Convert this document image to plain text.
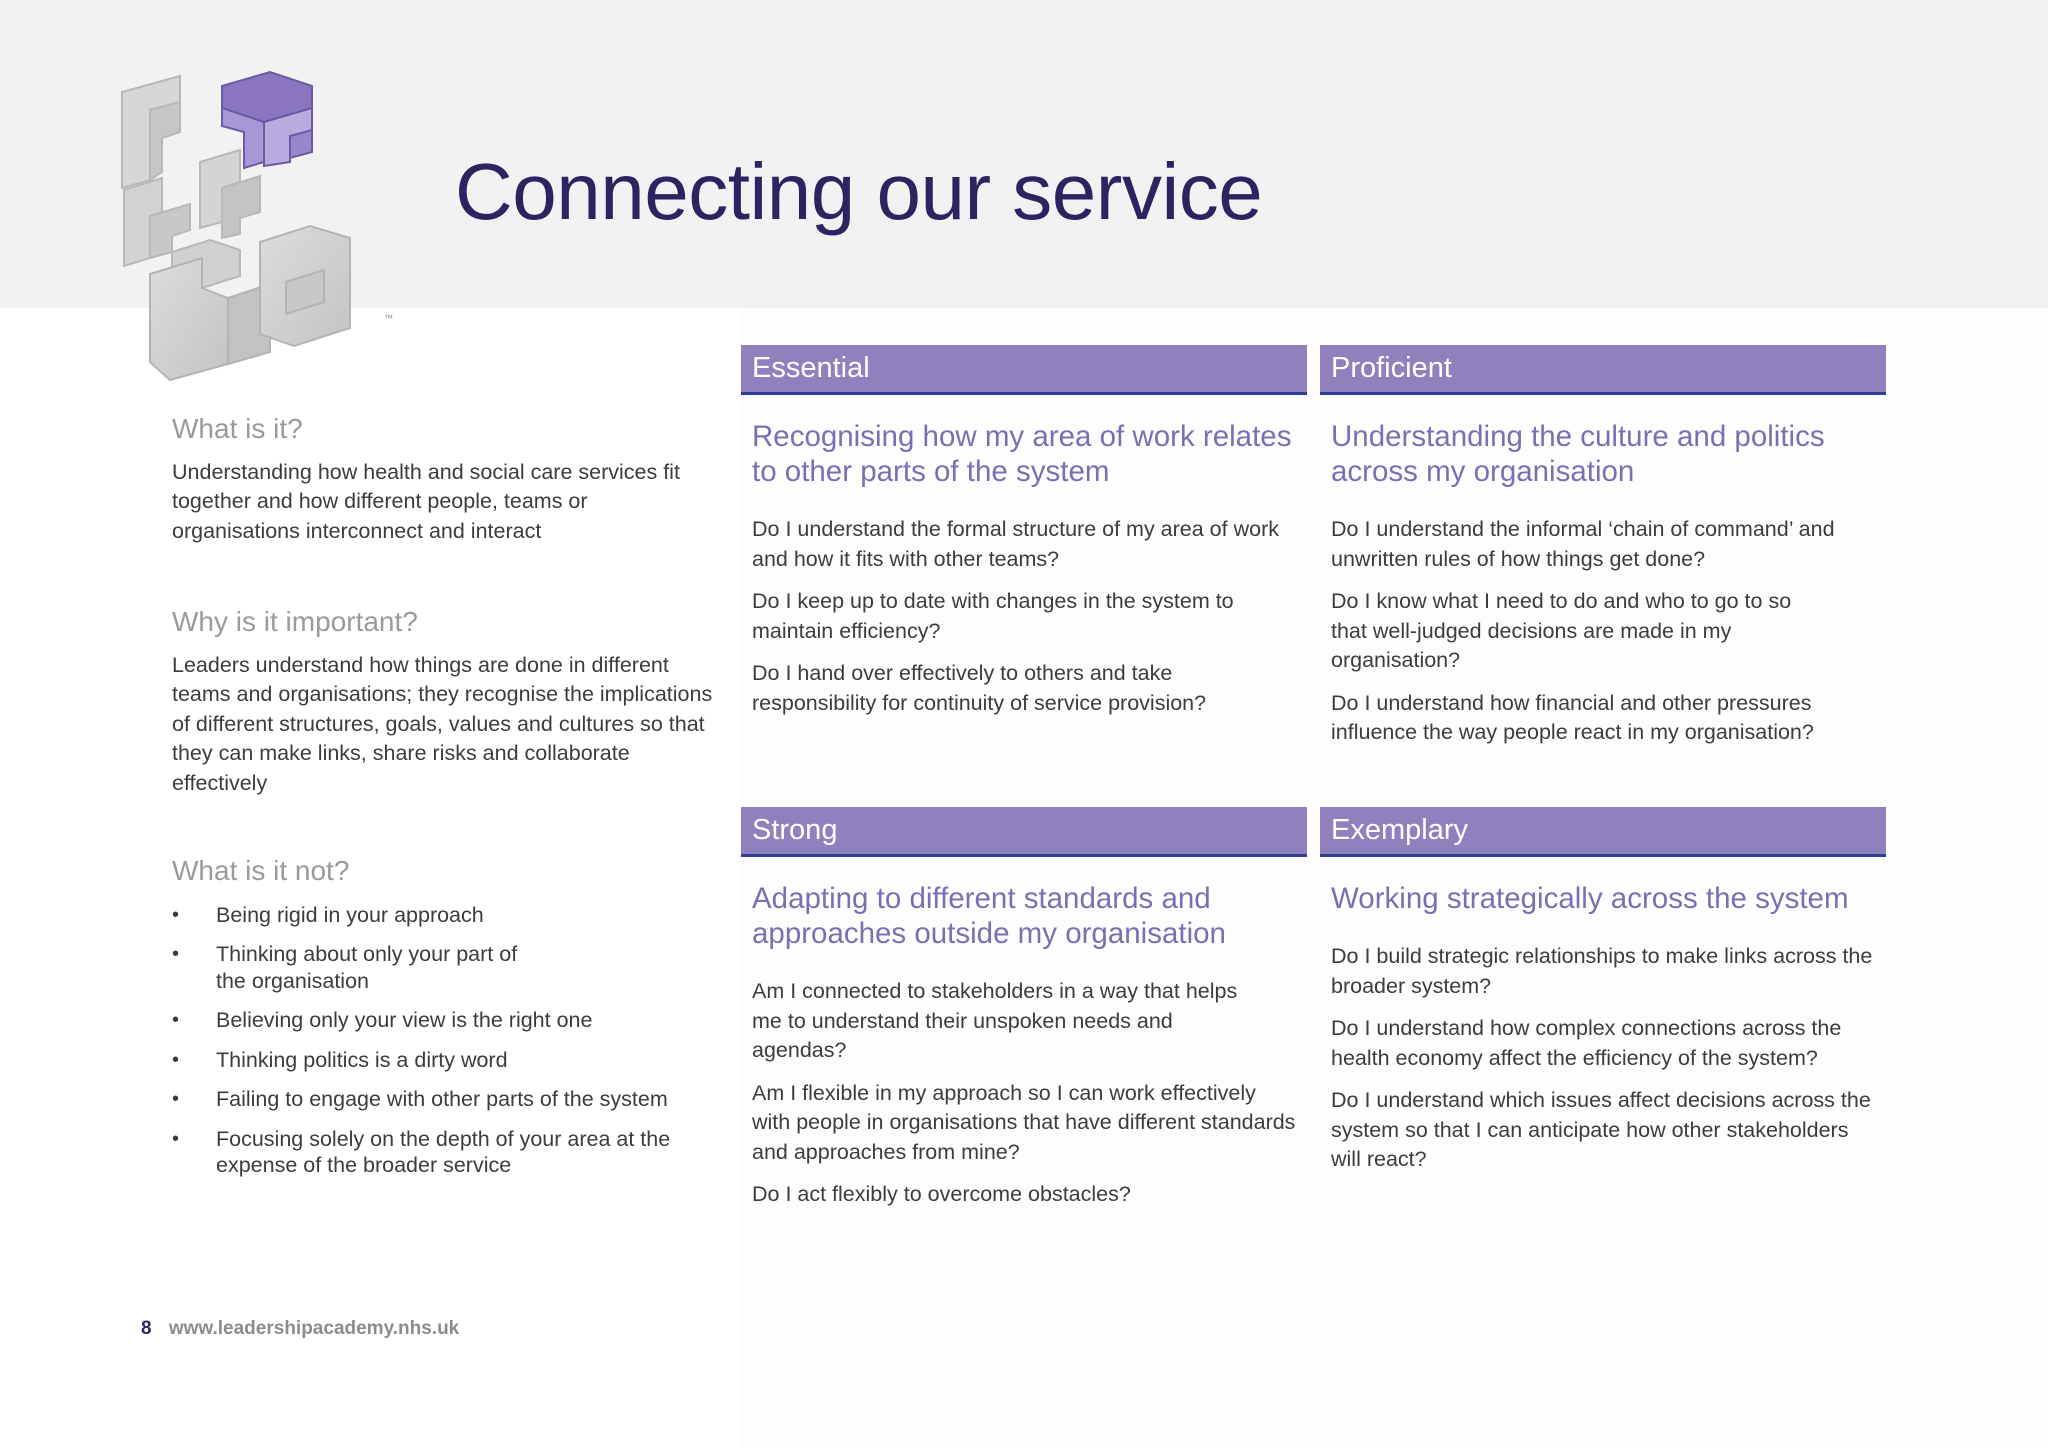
™
Connecting our service
What is it?

Understanding how health and social care services fit together and how different people, teams or organisations interconnect and interact

Why is it important?

Leaders understand how things are done in different teams and organisations; they recognise the implications of different structures, goals, values and cultures so that they can make links, share risks and collaborate effectively

What is it not?
• Being rigid in your approach
• Thinking about only your part of the organisation
• Believing only your view is the right one
• Thinking politics is a dirty word
• Failing to engage with other parts of the system
• Focusing solely on the depth of your area at the expense of the broader service
Essential
Recognising how my area of work relates to other parts of the system

Do I understand the formal structure of my area of work and how it fits with other teams?

Do I keep up to date with changes in the system to maintain efficiency?

Do I hand over effectively to others and take responsibility for continuity of service provision?

Proficient
Understanding the culture and politics across my organisation

Do I understand the informal ‘chain of command’ and unwritten rules of how things get done?

Do I know what I need to do and who to go to so that well-judged decisions are made in my organisation?

Do I understand how financial and other pressures influence the way people react in my organisation?

Strong
Adapting to different standards and approaches outside my organisation

Am I connected to stakeholders in a way that helps me to understand their unspoken needs and agendas?

Am I flexible in my approach so I can work effectively with people in organisations that have different standards and approaches from mine?

Do I act flexibly to overcome obstacles?

Exemplary
Working strategically across the system

Do I build strategic relationships to make links across the broader system?

Do I understand how complex connections across the health economy affect the efficiency of the system?

Do I understand which issues affect decisions across the system so that I can anticipate how other stakeholders will react?

8 www.leadershipacademy.nhs.uk
